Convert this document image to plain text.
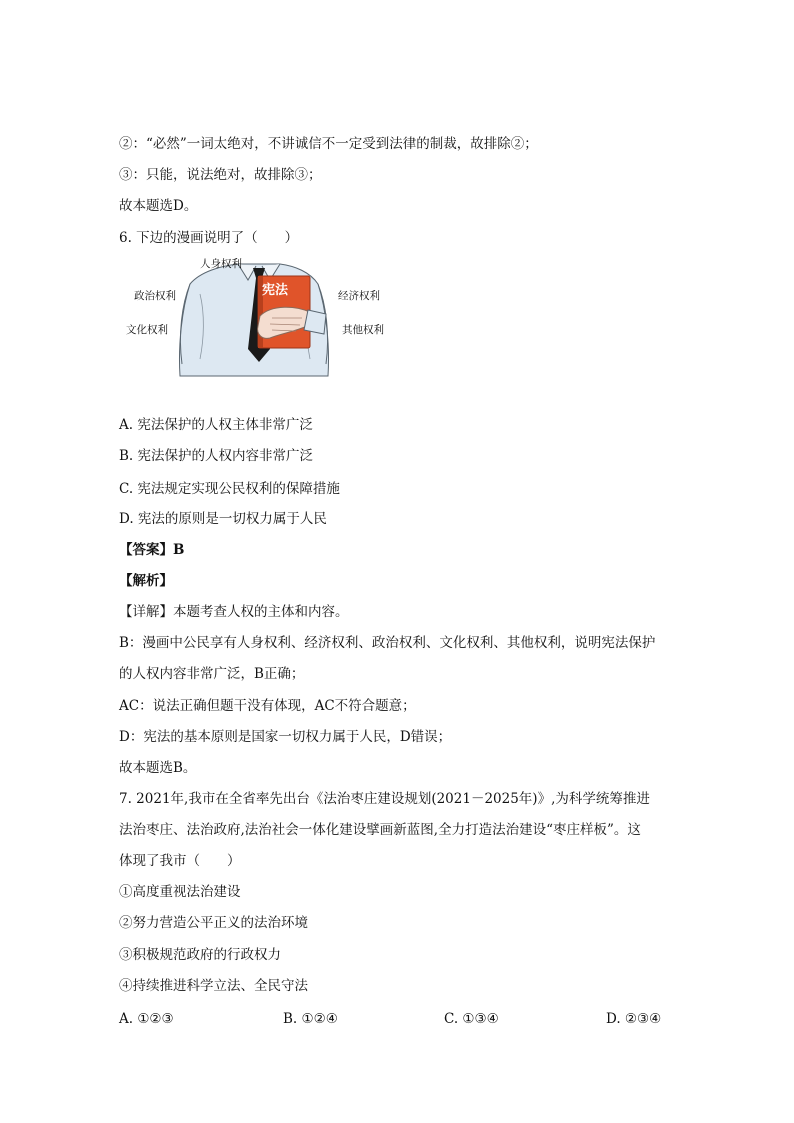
②：“必然”一词太绝对，不讲诚信不一定受到法律的制裁，故排除②；
③：只能，说法绝对，故排除③；
故本题选D。
6. 下边的漫画说明了（　　）
宪法
人身权利
政治权利	经济权利
文化权利	其他权利
A. 宪法保护的人权主体非常广泛
B. 宪法保护的人权内容非常广泛
C. 宪法规定实现公民权利的保障措施
D. 宪法的原则是一切权力属于人民
【答案】B
【解析】
【详解】本题考查人权的主体和内容。
B：漫画中公民享有人身权利、经济权利、政治权利、文化权利、其他权利，说明宪法保护
的人权内容非常广泛，B正确；
AC：说法正确但题干没有体现，AC不符合题意；
D：宪法的基本原则是国家一切权力属于人民，D错误；
故本题选B。
7. 2021年,我市在全省率先出台《法治枣庄建设规划(2021－2025年)》,为科学统筹推进
法治枣庄、法治政府,法治社会一体化建设擘画新蓝图,全力打造法治建设“枣庄样板”。这
体现了我市（　　）
①高度重视法治建设
②努力营造公平正义的法治环境
③积极规范政府的行政权力
④持续推进科学立法、全民守法
A. ①②③	B. ①②④	C. ①③④	D. ②③④
